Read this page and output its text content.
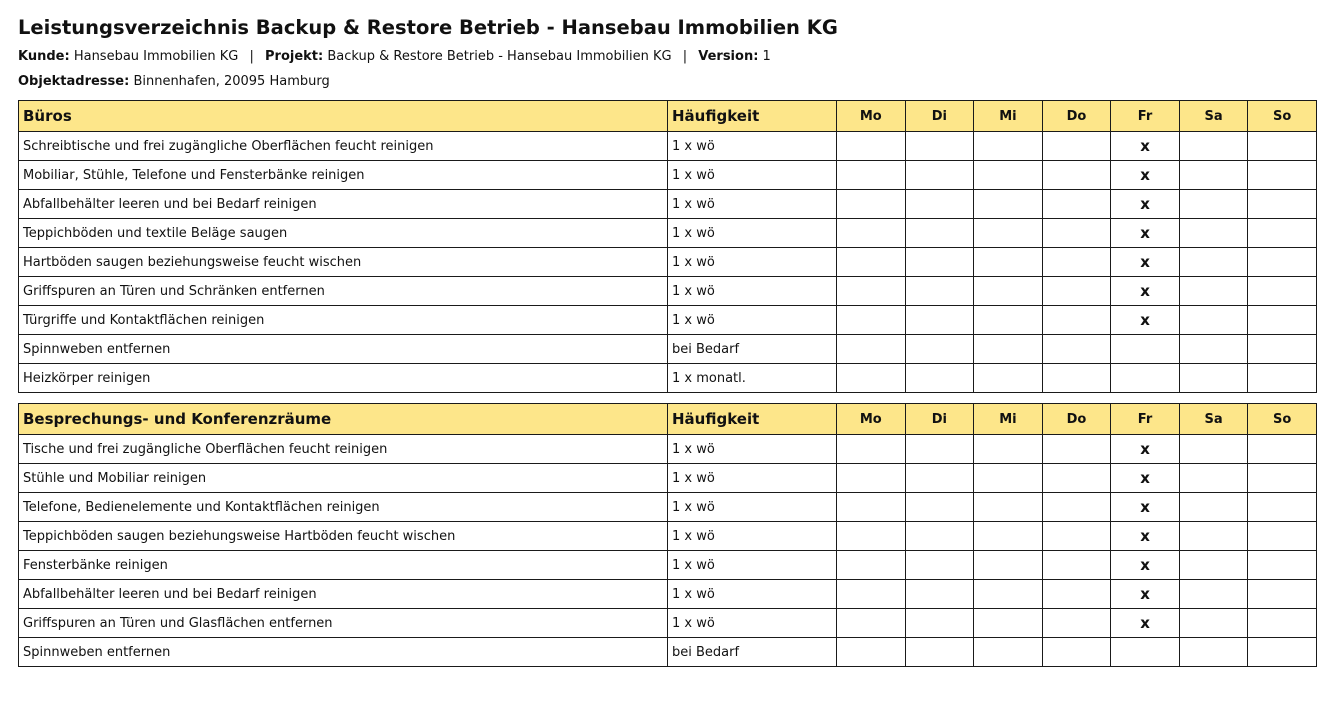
Leistungsverzeichnis Backup & Restore Betrieb - Hansebau Immobilien KG
Kunde: Hansebau Immobilien KG | Projekt: Backup & Restore Betrieb - Hansebau Immobilien KG | Version: 1
Objektadresse: Binnenhafen, 20095 Hamburg
Büros	Häufigkeit	Mo	Di	Mi	Do	Fr	Sa	So
Schreibtische und frei zugängliche Oberflächen feucht reinigen	1 x wö					x		
Mobiliar, Stühle, Telefone und Fensterbänke reinigen	1 x wö					x		
Abfallbehälter leeren und bei Bedarf reinigen	1 x wö					x		
Teppichböden und textile Beläge saugen	1 x wö					x		
Hartböden saugen beziehungsweise feucht wischen	1 x wö					x		
Griffspuren an Türen und Schränken entfernen	1 x wö					x		
Türgriffe und Kontaktflächen reinigen	1 x wö					x		
Spinnweben entfernen	bei Bedarf							
Heizkörper reinigen	1 x monatl.							
Besprechungs- und Konferenzräume	Häufigkeit	Mo	Di	Mi	Do	Fr	Sa	So
Tische und frei zugängliche Oberflächen feucht reinigen	1 x wö					x		
Stühle und Mobiliar reinigen	1 x wö					x		
Telefone, Bedienelemente und Kontaktflächen reinigen	1 x wö					x		
Teppichböden saugen beziehungsweise Hartböden feucht wischen	1 x wö					x		
Fensterbänke reinigen	1 x wö					x		
Abfallbehälter leeren und bei Bedarf reinigen	1 x wö					x		
Griffspuren an Türen und Glasflächen entfernen	1 x wö					x		
Spinnweben entfernen	bei Bedarf							
